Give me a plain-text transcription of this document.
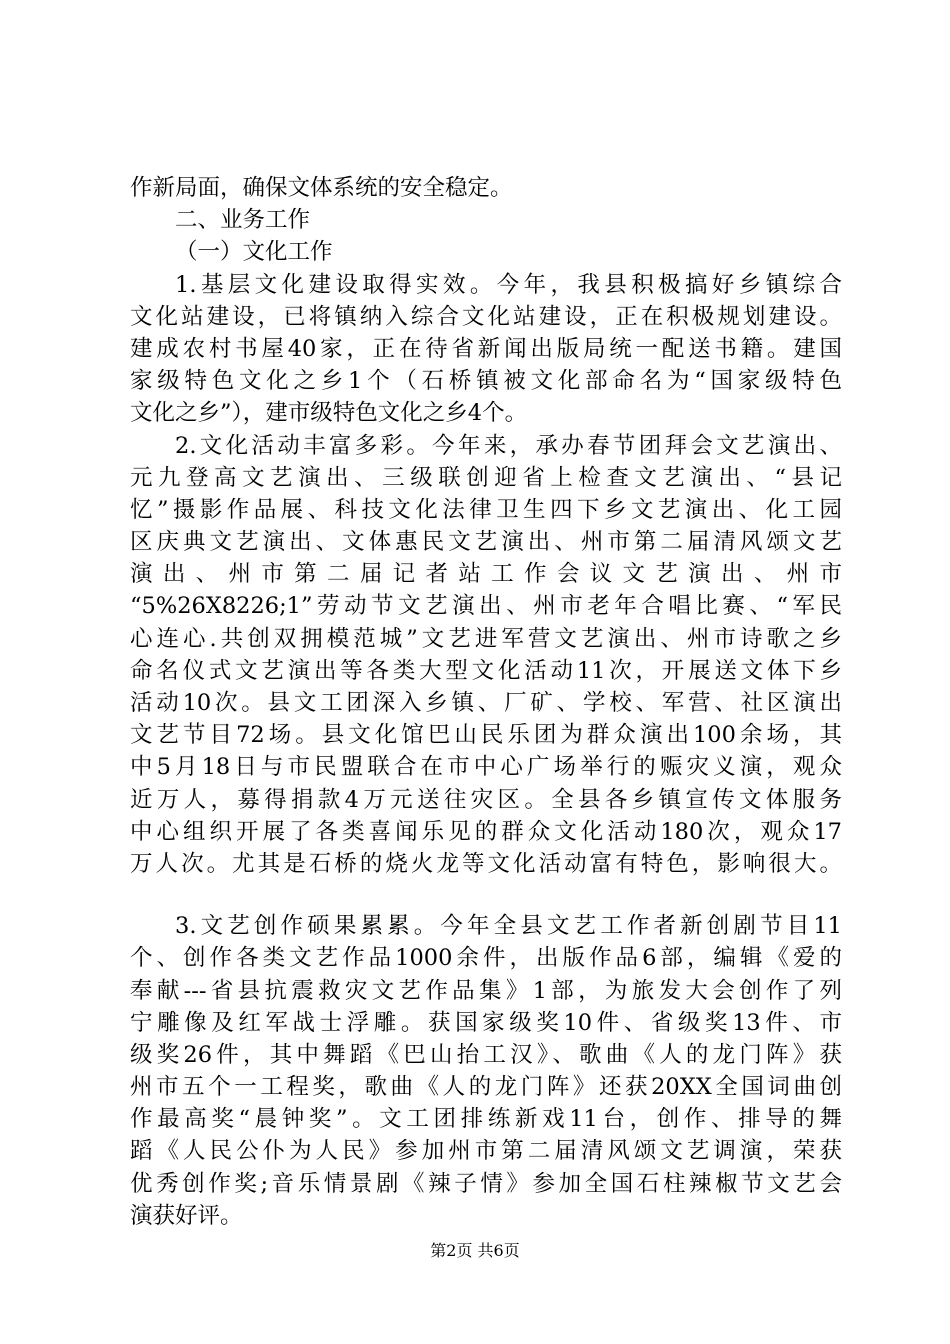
作新局面，确保文体系统的安全稳定。
二、业务工作
（一）文化工作
1.基层文化建设取得实效。今年，我县积极搞好乡镇综合
文化站建设，已将镇纳入综合文化站建设，正在积极规划建设。
建成农村书屋40家，正在待省新闻出版局统一配送书籍。建国
家级特色文化之乡1个（石桥镇被文化部命名为“国家级特色
文化之乡”），建市级特色文化之乡4个。
2.文化活动丰富多彩。今年来，承办春节团拜会文艺演出、
元九登高文艺演出、三级联创迎省上检查文艺演出、“县记
忆”摄影作品展、科技文化法律卫生四下乡文艺演出、化工园
区庆典文艺演出、文体惠民文艺演出、州市第二届清风颂文艺
演出、州市第二届记者站工作会议文艺演出、州市
“5%26X8226;1”劳动节文艺演出、州市老年合唱比赛、“军民
心连心.共创双拥模范城”文艺进军营文艺演出、州市诗歌之乡
命名仪式文艺演出等各类大型文化活动11次，开展送文体下乡
活动10次。县文工团深入乡镇、厂矿、学校、军营、社区演出
文艺节目72场。县文化馆巴山民乐团为群众演出100余场，其
中5月18日与市民盟联合在市中心广场举行的赈灾义演，观众
近万人，募得捐款4万元送往灾区。全县各乡镇宣传文体服务
中心组织开展了各类喜闻乐见的群众文化活动180次，观众17
万人次。尤其是石桥的烧火龙等文化活动富有特色，影响很大。
3.文艺创作硕果累累。今年全县文艺工作者新创剧节目11
个、创作各类文艺作品1000余件，出版作品6部，编辑《爱的
奉献---省县抗震救灾文艺作品集》1部，为旅发大会创作了列
宁雕像及红军战士浮雕。获国家级奖10件、省级奖13件、市
级奖26件，其中舞蹈《巴山抬工汉》、歌曲《人的龙门阵》获
州市五个一工程奖，歌曲《人的龙门阵》还获20XX全国词曲创
作最高奖“晨钟奖”。文工团排练新戏11台，创作、排导的舞
蹈《人民公仆为人民》参加州市第二届清风颂文艺调演，荣获
优秀创作奖;音乐情景剧《辣子情》参加全国石柱辣椒节文艺会
演获好评。
第2页 共6页
